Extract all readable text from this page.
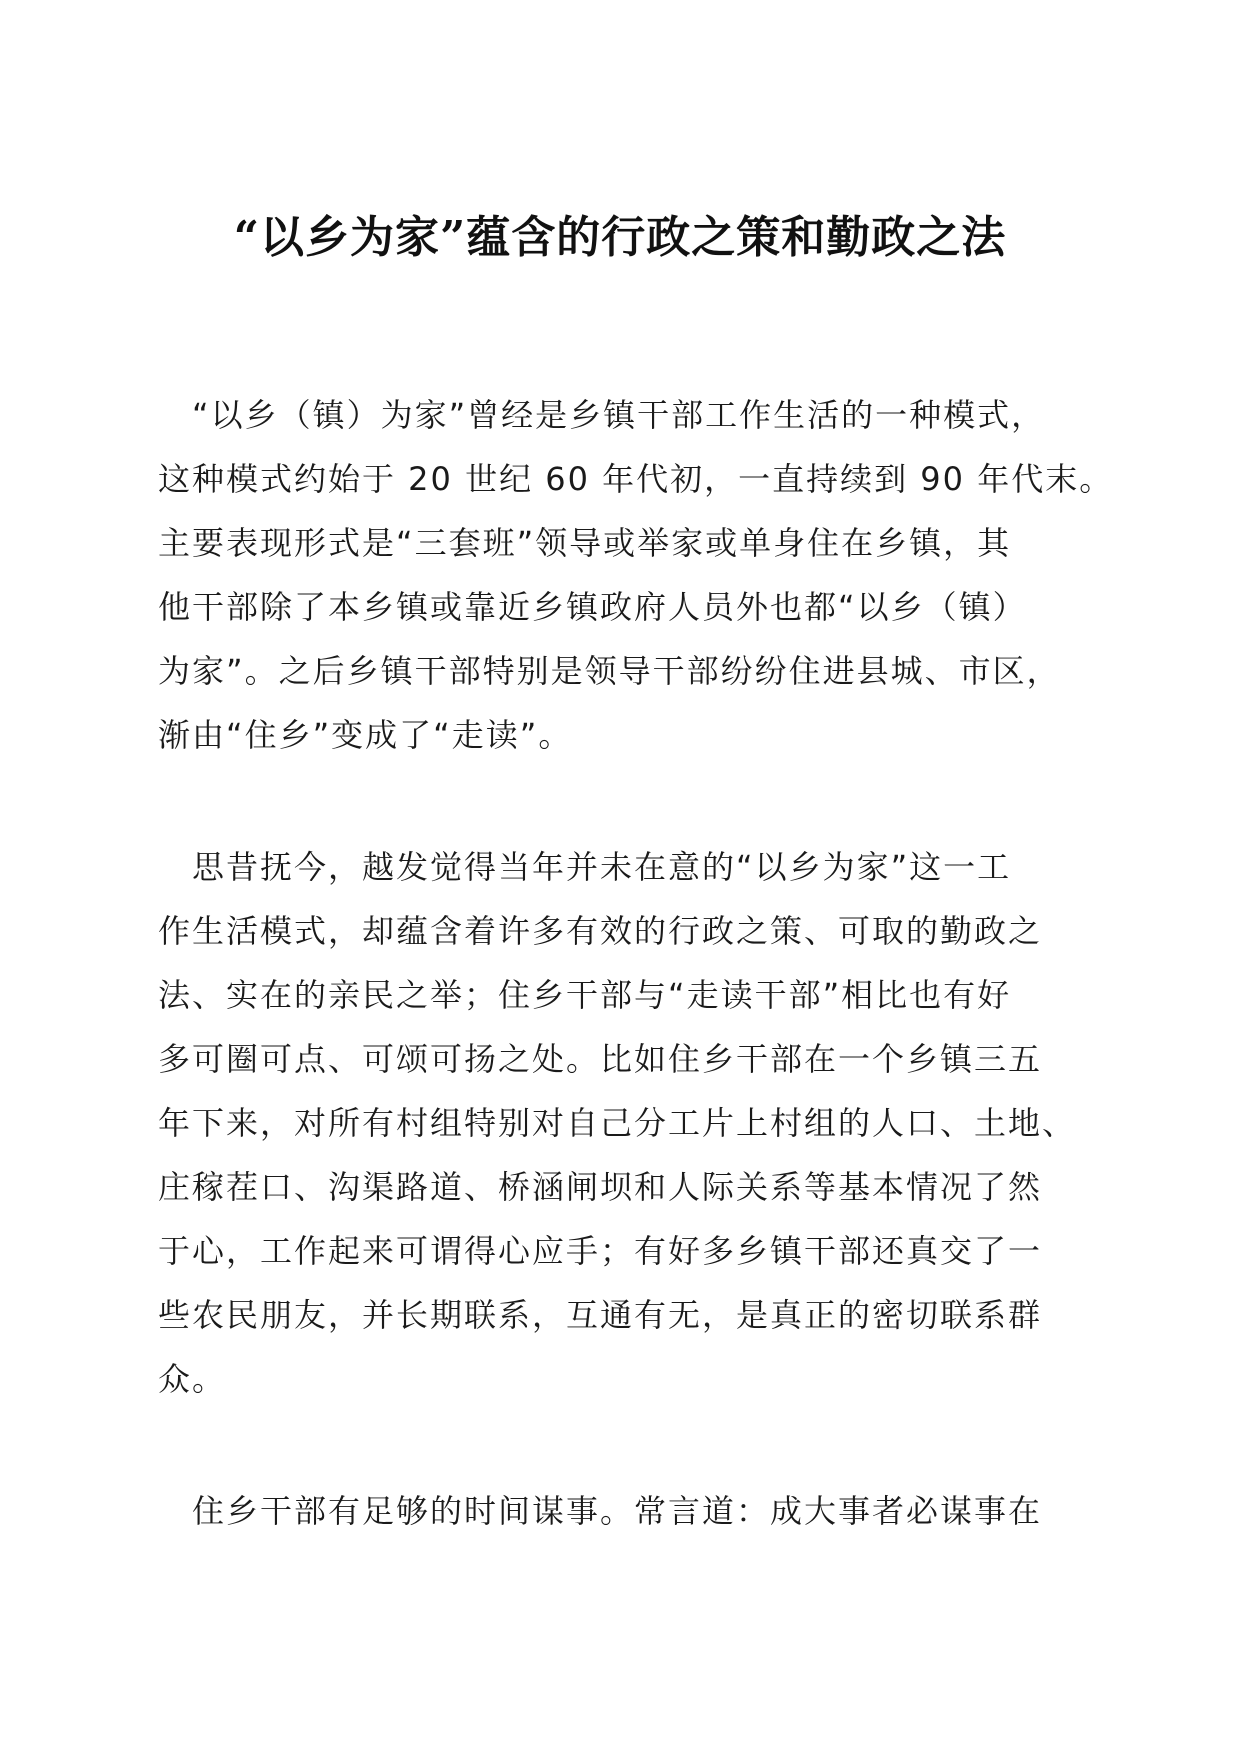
“以乡为家”蕴含的行政之策和勤政之法
“以乡（镇）为家”曾经是乡镇干部工作生活的一种模式，
这种模式约始于 20 世纪 60 年代初，一直持续到 90 年代末。
主要表现形式是“三套班”领导或举家或单身住在乡镇，其
他干部除了本乡镇或靠近乡镇政府人员外也都“以乡（镇）
为家”。之后乡镇干部特别是领导干部纷纷住进县城、市区，
渐由“住乡”变成了“走读”。
思昔抚今，越发觉得当年并未在意的“以乡为家”这一工
作生活模式，却蕴含着许多有效的行政之策、可取的勤政之
法、实在的亲民之举；住乡干部与“走读干部”相比也有好
多可圈可点、可颂可扬之处。比如住乡干部在一个乡镇三五
年下来，对所有村组特别对自己分工片上村组的人口、土地、
庄稼茬口、沟渠路道、桥涵闸坝和人际关系等基本情况了然
于心，工作起来可谓得心应手；有好多乡镇干部还真交了一
些农民朋友，并长期联系，互通有无，是真正的密切联系群
众。
住乡干部有足够的时间谋事。常言道：成大事者必谋事在
